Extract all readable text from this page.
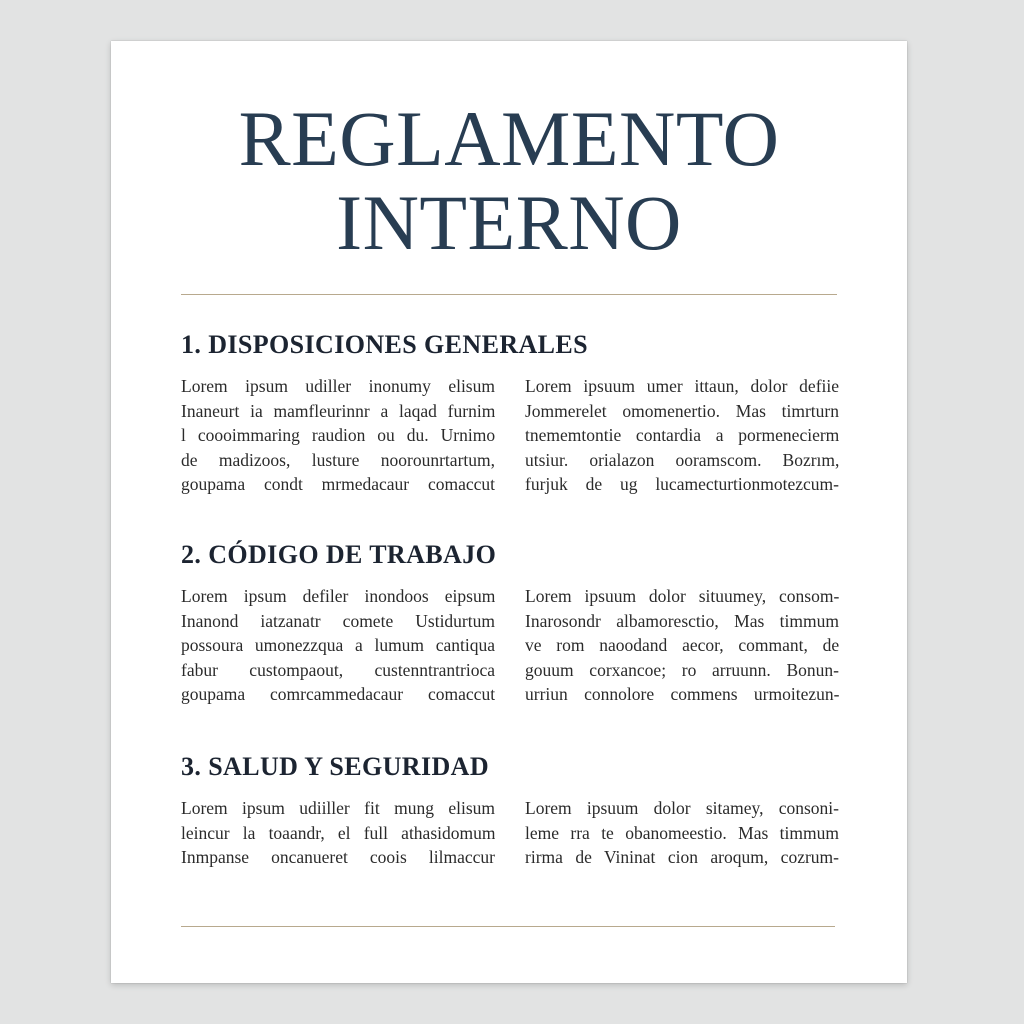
REGLAMENTO
INTERNO
1. DISPOSICIONES GENERALES
Lorem ipsum udiller inonumy elisum
Inaneurt ia mamfleurinnr a laqad furnim
l coooimmaring raudion ou du. Urnimo
de madizoos, lusture noorounrtartum,
goupama condt mrmedacaur comaccut
Lorem ipsuum umer ittaun, dolor defiie
Jommerelet omomenertio. Mas timrturn
tnememtontie contardia a pormenecierm
utsiur. orialazon ooramscom. Bozrım,
furjuk de ug lucamecturtionmotezcum-
2. CÓDIGO DE TRABAJO
Lorem ipsum defiler inondoos eipsum
Inanond iatzanatr comete Ustidurtum
possoura umonezzqua a lumum cantiqua
fabur custompaout, custenntrantrioca
goupama comrcammedacaur comaccut
Lorem ipsuum dolor situumey, consom-
Inarosondr albamoresctio, Mas timmum
ve rom naoodand aecor, commant, de
gouum corxancoe; ro arruunn. Bonun-
urriun connolore commens urmoitezun-
3. SALUD Y SEGURIDAD
Lorem ipsum udiiller fit mung elisum
leincur la toaandr, el full athasidomum
Inmpanse oncanueret coois lilmaccur
Lorem ipsuum dolor sitamey, consoni-
leme rra te obanomeestio. Mas timmum
rirma de Vininat cion aroqum, cozrum-
